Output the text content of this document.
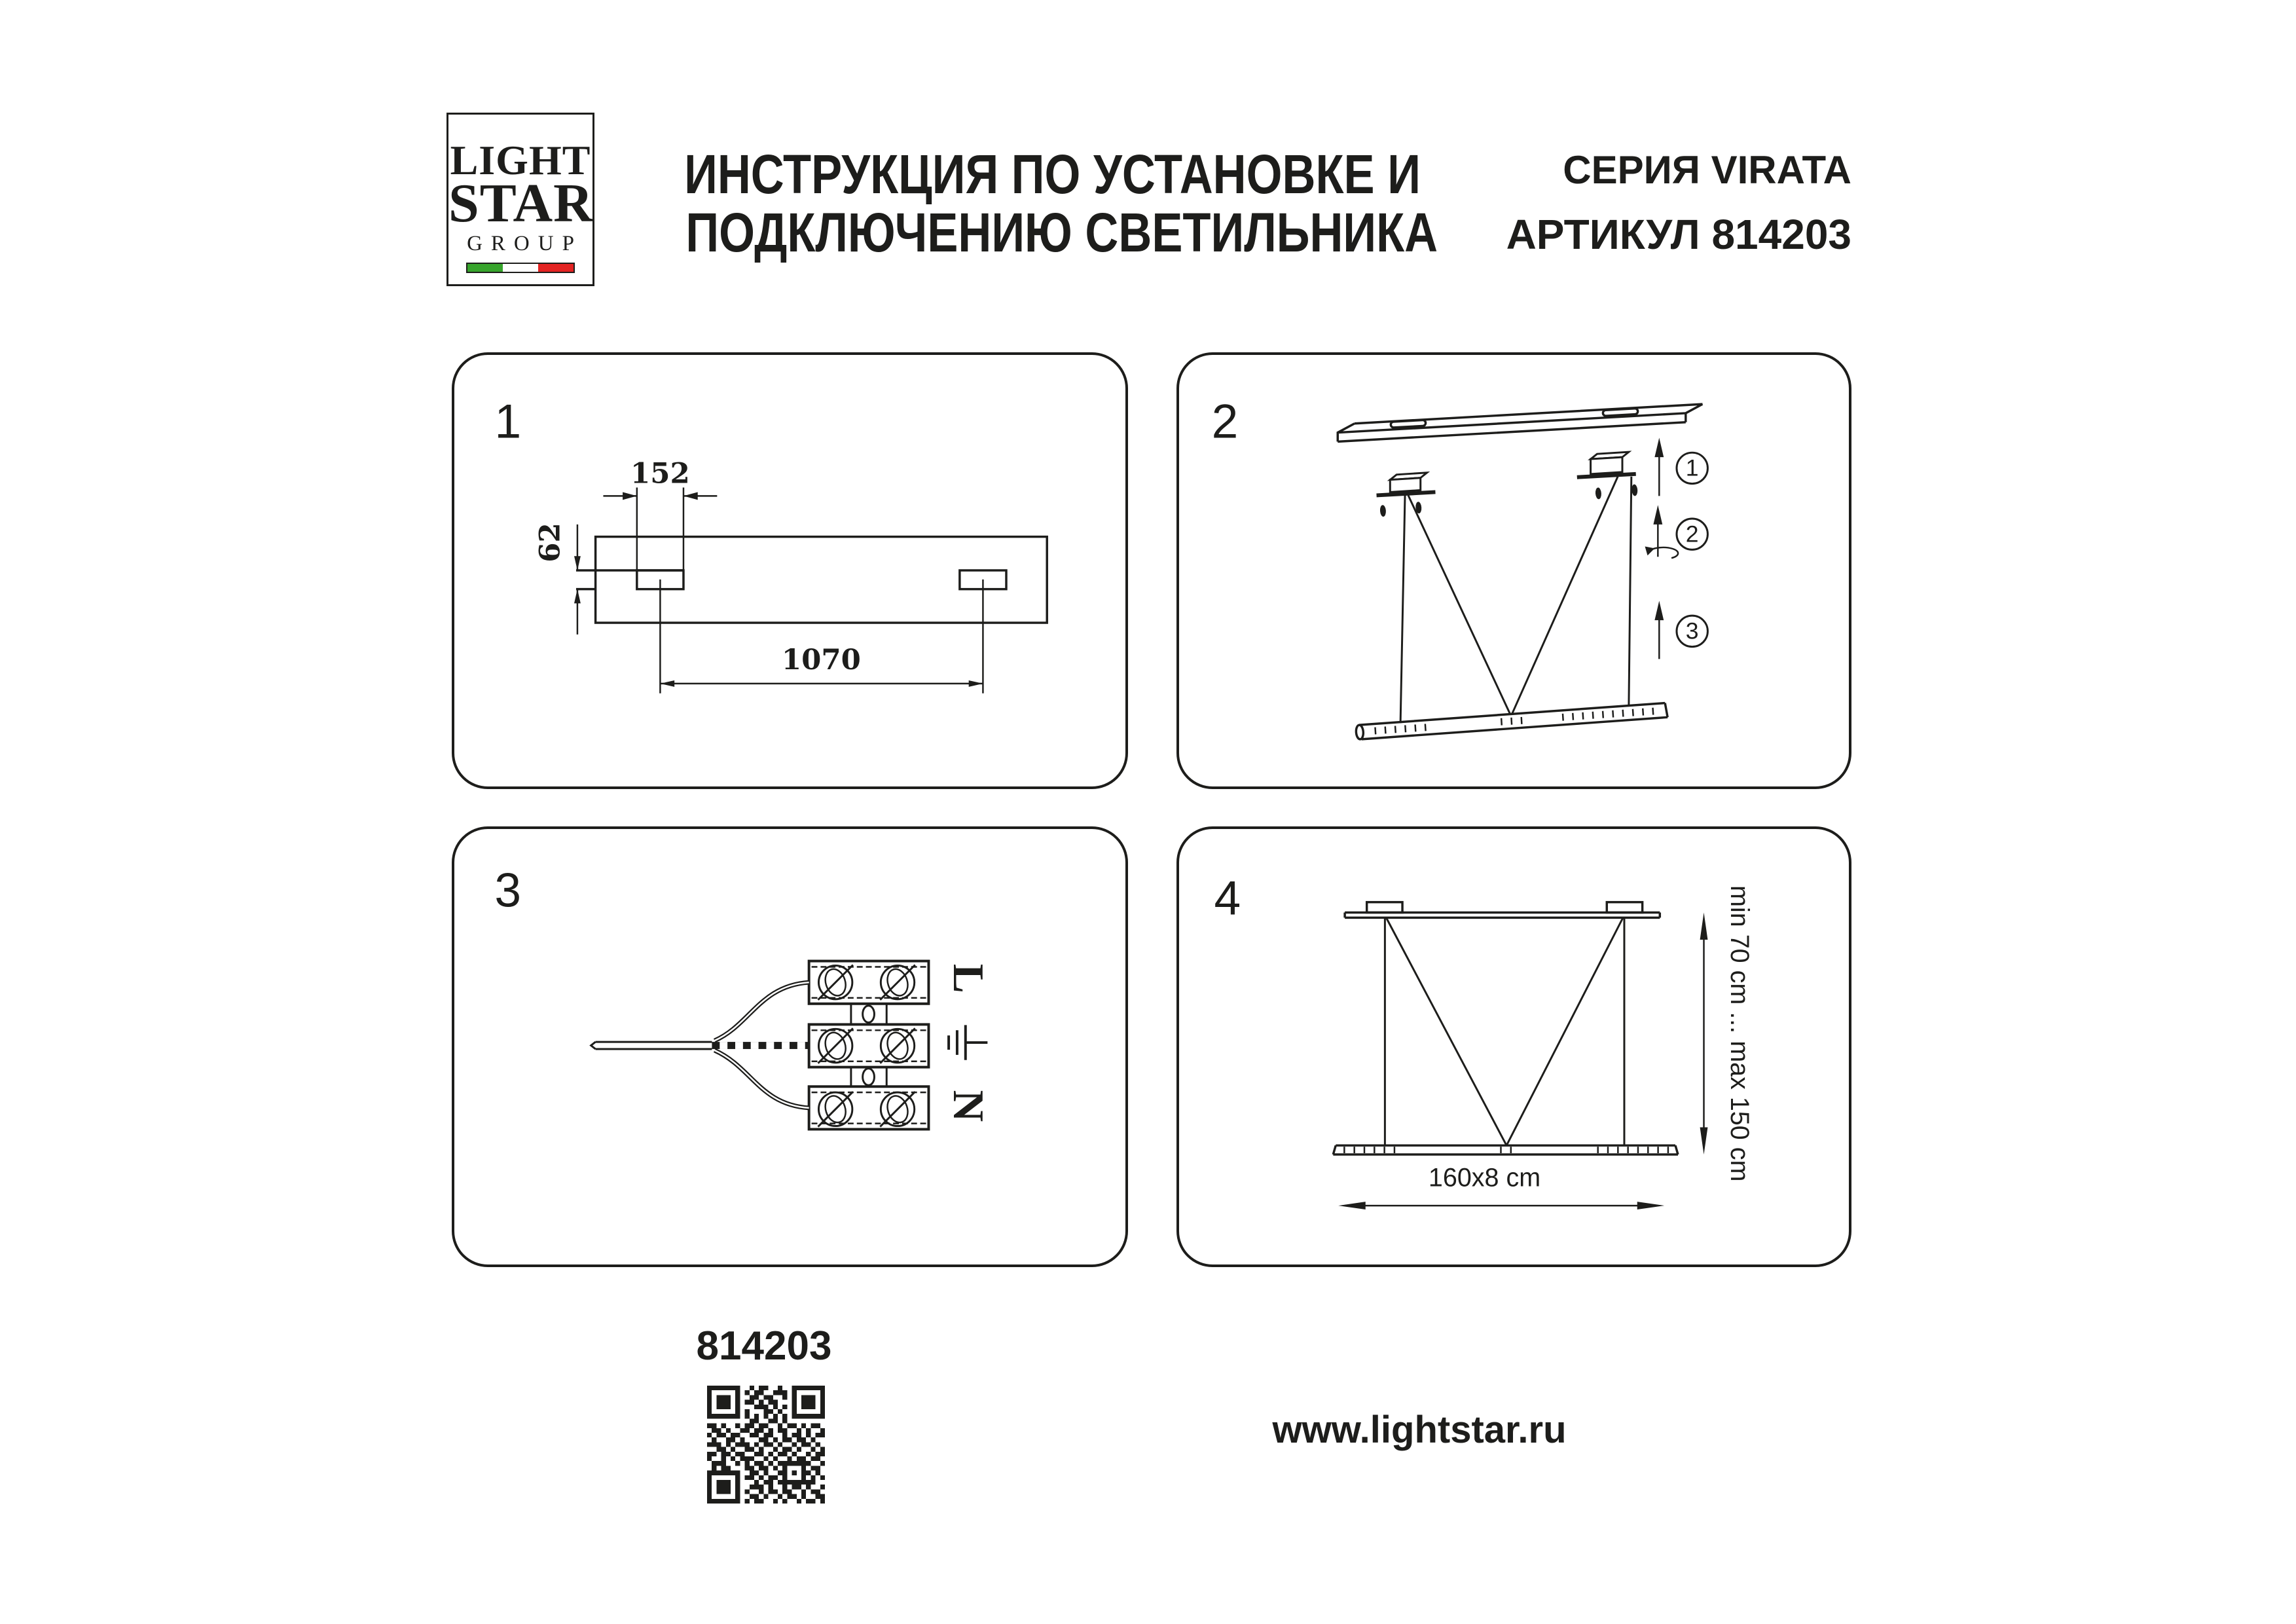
LIGHT
STAR
GROUP
ИНСТРУКЦИЯ ПО УСТАНОВКЕ И
ПОДКЛЮЧЕНИЮ СВЕТИЛЬНИКА
СЕРИЯ VIRATA
АРТИКУЛ 814203
1
152
62
1070
2
1
2
3
3
L
N
4	min 70 cm ... max 150 cm
160x8 cm
814203
www.lightstar.ru
